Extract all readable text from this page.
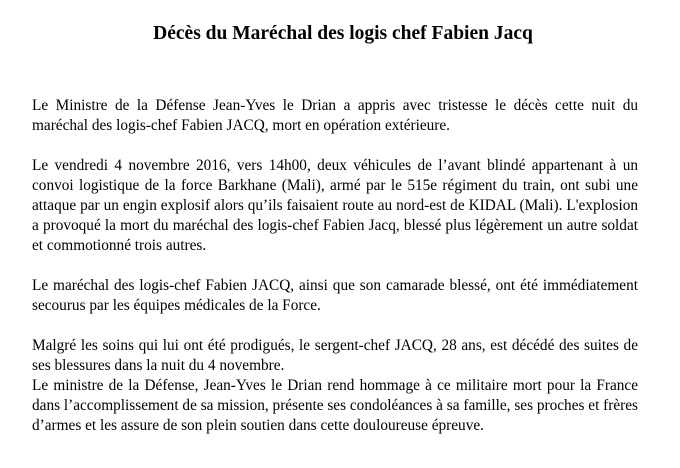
Décès du Maréchal des logis chef Fabien Jacq

Le Ministre de la Défense Jean-Yves le Drian a appris avec tristesse le décès cette nuit du maréchal des logis-chef Fabien JACQ, mort en opération extérieure.

Le vendredi 4 novembre 2016, vers 14h00, deux véhicules de l’avant blindé appartenant à un convoi logistique de la force Barkhane (Mali), armé par le 515e régiment du train, ont subi une attaque par un engin explosif alors qu’ils faisaient route au nord-est de KIDAL (Mali). L'explosion a provoqué la mort du maréchal des logis-chef Fabien Jacq, blessé plus légèrement un autre soldat et commotionné trois autres.

Le maréchal des logis-chef Fabien JACQ, ainsi que son camarade blessé, ont été immédiatement secourus par les équipes médicales de la Force.

Malgré les soins qui lui ont été prodigués, le sergent-chef JACQ, 28 ans, est décédé des suites de ses blessures dans la nuit du 4 novembre.

Le ministre de la Défense, Jean-Yves le Drian rend hommage à ce militaire mort pour la France dans l’accomplissement de sa mission, présente ses condoléances à sa famille, ses proches et frères d’armes et les assure de son plein soutien dans cette douloureuse épreuve.
